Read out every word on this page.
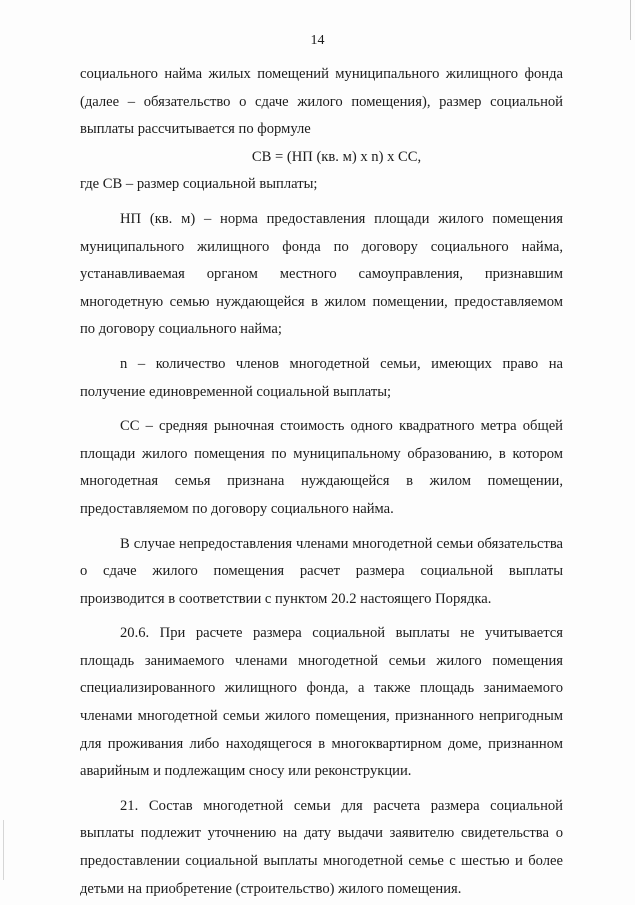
14

социального найма жилых помещений муниципального жилищного фонда (далее – обязательство о сдаче жилого помещения), размер социальной выплаты рассчитывается по формуле

СВ = (НП (кв. м) х n) х СС,

где СВ – размер социальной выплаты;

НП (кв. м) – норма предоставления площади жилого помещения муниципального жилищного фонда по договору социального найма, устанавливаемая органом местного самоуправления, признавшим многодетную семью нуждающейся в жилом помещении, предоставляемом по договору социального найма;

n – количество членов многодетной семьи, имеющих право на получение единовременной социальной выплаты;

СС – средняя рыночная стоимость одного квадратного метра общей площади жилого помещения по муниципальному образованию, в котором многодетная семья признана нуждающейся в жилом помещении, предоставляемом по договору социального найма.

В случае непредоставления членами многодетной семьи обязательства о сдаче жилого помещения расчет размера социальной выплаты производится в соответствии с пунктом 20.2 настоящего Порядка.

20.6. При расчете размера социальной выплаты не учитывается площадь занимаемого членами многодетной семьи жилого помещения специализированного жилищного фонда, а также площадь занимаемого членами многодетной семьи жилого помещения, признанного непригодным для проживания либо находящегося в многоквартирном доме, признанном аварийным и подлежащим сносу или реконструкции.

21. Состав многодетной семьи для расчета размера социальной выплаты подлежит уточнению на дату выдачи заявителю свидетельства о предоставлении социальной выплаты многодетной семье с шестью и более детьми на приобретение (строительство) жилого помещения.
